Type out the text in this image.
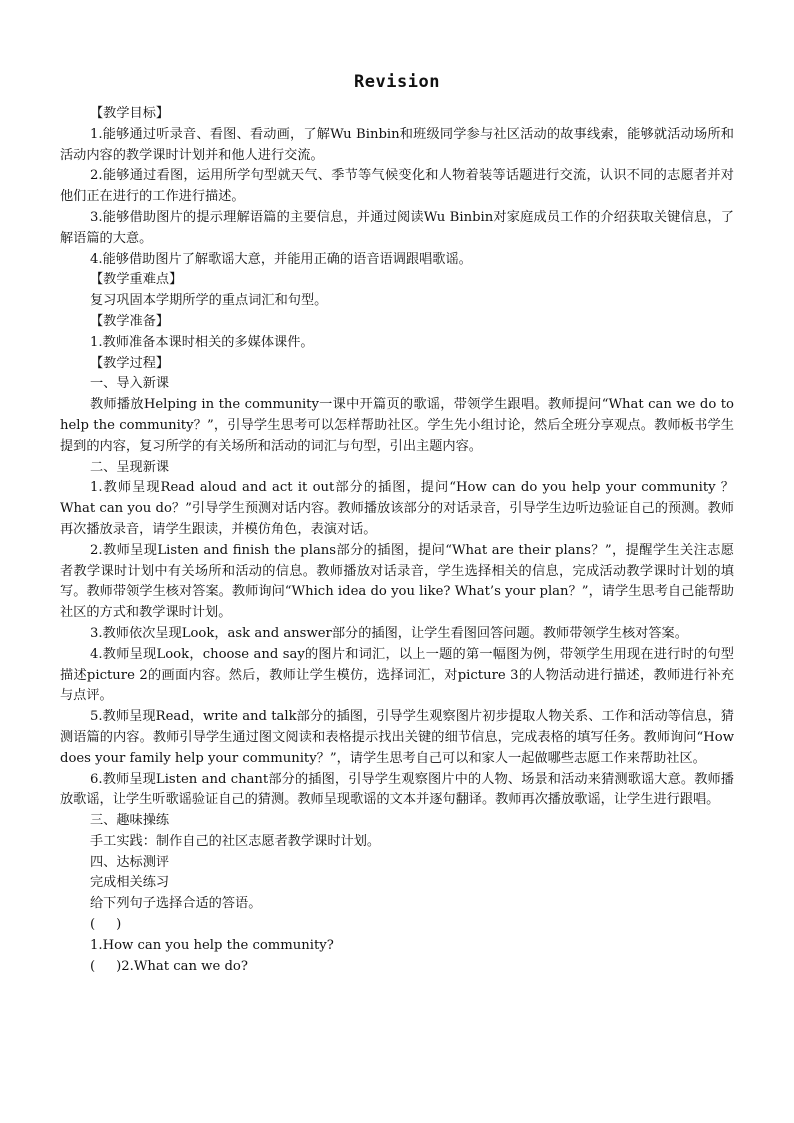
Revision

【教学目标】

1.能够通过听录音、看图、看动画，了解Wu Binbin和班级同学参与社区活动的故事线索，能够就活动场所和活动内容的教学课时计划并和他人进行交流。

2.能够通过看图，运用所学句型就天气、季节等气候变化和人物着装等话题进行交流，认识不同的志愿者并对他们正在进行的工作进行描述。

3.能够借助图片的提示理解语篇的主要信息，并通过阅读Wu Binbin对家庭成员工作的介绍获取关键信息，了解语篇的大意。

4.能够借助图片了解歌谣大意，并能用正确的语音语调跟唱歌谣。

【教学重难点】

复习巩固本学期所学的重点词汇和句型。

【教学准备】

1.教师准备本课时相关的多媒体课件。

【教学过程】

一、导入新课

教师播放Helping in the community一课中开篇页的歌谣，带领学生跟唱。教师提问“What can we do to help the community？”，引导学生思考可以怎样帮助社区。学生先小组讨论，然后全班分享观点。教师板书学生提到的内容，复习所学的有关场所和活动的词汇与句型，引出主题内容。

二、呈现新课

1.教师呈现Read aloud and act it out部分的插图，提问“How can do you help your community ？What can you do？”引导学生预测对话内容。教师播放该部分的对话录音，引导学生边听边验证自己的预测。教师再次播放录音，请学生跟读，并模仿角色，表演对话。

2.教师呈现Listen and finish the plans部分的插图，提问“What are their plans？”，提醒学生关注志愿者教学课时计划中有关场所和活动的信息。教师播放对话录音，学生选择相关的信息，完成活动教学课时计划的填写。教师带领学生核对答案。教师询问“Which idea do you like? What’s your plan？”，请学生思考自己能帮助社区的方式和教学课时计划。

3.教师依次呈现Look，ask and answer部分的插图，让学生看图回答问题。教师带领学生核对答案。

4.教师呈现Look，choose and say的图片和词汇，以上一题的第一幅图为例，带领学生用现在进行时的句型描述picture 2的画面内容。然后，教师让学生模仿，选择词汇，对picture 3的人物活动进行描述，教师进行补充与点评。

5.教师呈现Read，write and talk部分的插图，引导学生观察图片初步提取人物关系、工作和活动等信息，猜测语篇的内容。教师引导学生通过图文阅读和表格提示找出关键的细节信息，完成表格的填写任务。教师询问“How does your family help your community？”，请学生思考自己可以和家人一起做哪些志愿工作来帮助社区。

6.教师呈现Listen and chant部分的插图，引导学生观察图片中的人物、场景和活动来猜测歌谣大意。教师播放歌谣，让学生听歌谣验证自己的猜测。教师呈现歌谣的文本并逐句翻译。教师再次播放歌谣，让学生进行跟唱。

三、趣味操练

手工实践：制作自己的社区志愿者教学课时计划。

四、达标测评

完成相关练习

给下列句子选择合适的答语。

(     )

1.How can you help the community?

(     )2.What can we do?
